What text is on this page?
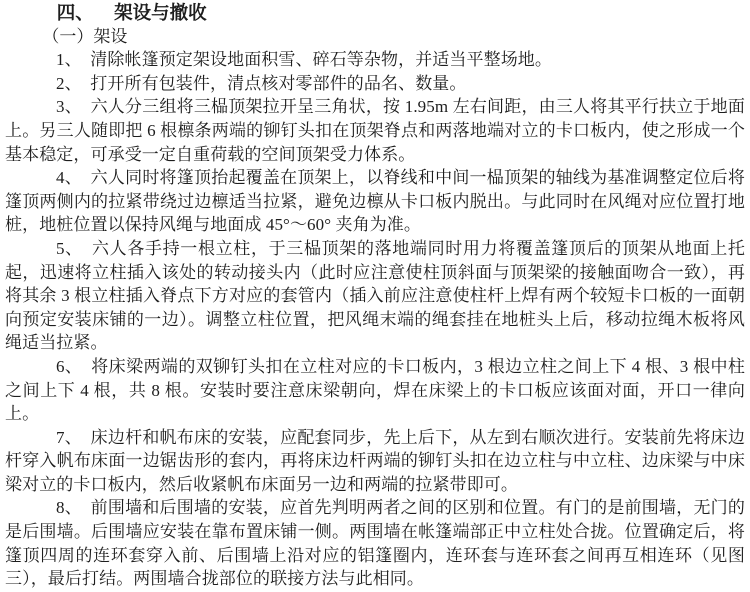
四、 架设与撤收
（一）架设

1、　清除帐篷预定架设地面积雪、碎石等杂物，并适当平整场地。

2、　打开所有包装件，清点核对零部件的品名、数量。

3、　六人分三组将三榀顶架拉开呈三角状，按 1.95m 左右间距，由三人将其平行扶立于地面上。另三人随即把 6 根檩条两端的铆钉头扣在顶架脊点和两落地端对立的卡口板内，使之形成一个基本稳定，可承受一定自重荷载的空间顶架受力体系。

4、　六人同时将篷顶抬起覆盖在顶架上，以脊线和中间一榀顶架的轴线为基准调整定位后将篷顶两侧内的拉紧带绕过边檩适当拉紧，避免边檩从卡口板内脱出。与此同时在风绳对应位置打地桩，地桩位置以保持风绳与地面成 45°～60° 夹角为准。

5、　六人各手持一根立柱，于三榀顶架的落地端同时用力将覆盖篷顶后的顶架从地面上托起，迅速将立柱插入该处的转动接头内（此时应注意使柱顶斜面与顶架梁的接触面吻合一致），再将其余 3 根立柱插入脊点下方对应的套管内（插入前应注意使柱杆上焊有两个较短卡口板的一面朝向预定安装床铺的一边）。调整立柱位置，把风绳末端的绳套挂在地桩头上后，移动拉绳木板将风绳适当拉紧。

6、　将床梁两端的双铆钉头扣在立柱对应的卡口板内，3 根边立柱之间上下 4 根、3 根中柱之间上下 4 根，共 8 根。安装时要注意床梁朝向，焊在床梁上的卡口板应该面对面，开口一律向上。

7、　床边杆和帆布床的安装，应配套同步，先上后下，从左到右顺次进行。安装前先将床边杆穿入帆布床面一边锯齿形的套内，再将床边杆两端的铆钉头扣在边立柱与中立柱、边床梁与中床梁对立的卡口板内，然后收紧帆布床面另一边和两端的拉紧带即可。

8、　前围墙和后围墙的安装，应首先判明两者之间的区别和位置。有门的是前围墙，无门的是后围墙。后围墙应安装在靠布置床铺一侧。两围墙在帐篷端部正中立柱处合拢。位置确定后，将篷顶四周的连环套穿入前、后围墙上沿对应的铝篷圈内，连环套与连环套之间再互相连环（见图三），最后打结。两围墙合拢部位的联接方法与此相同。
